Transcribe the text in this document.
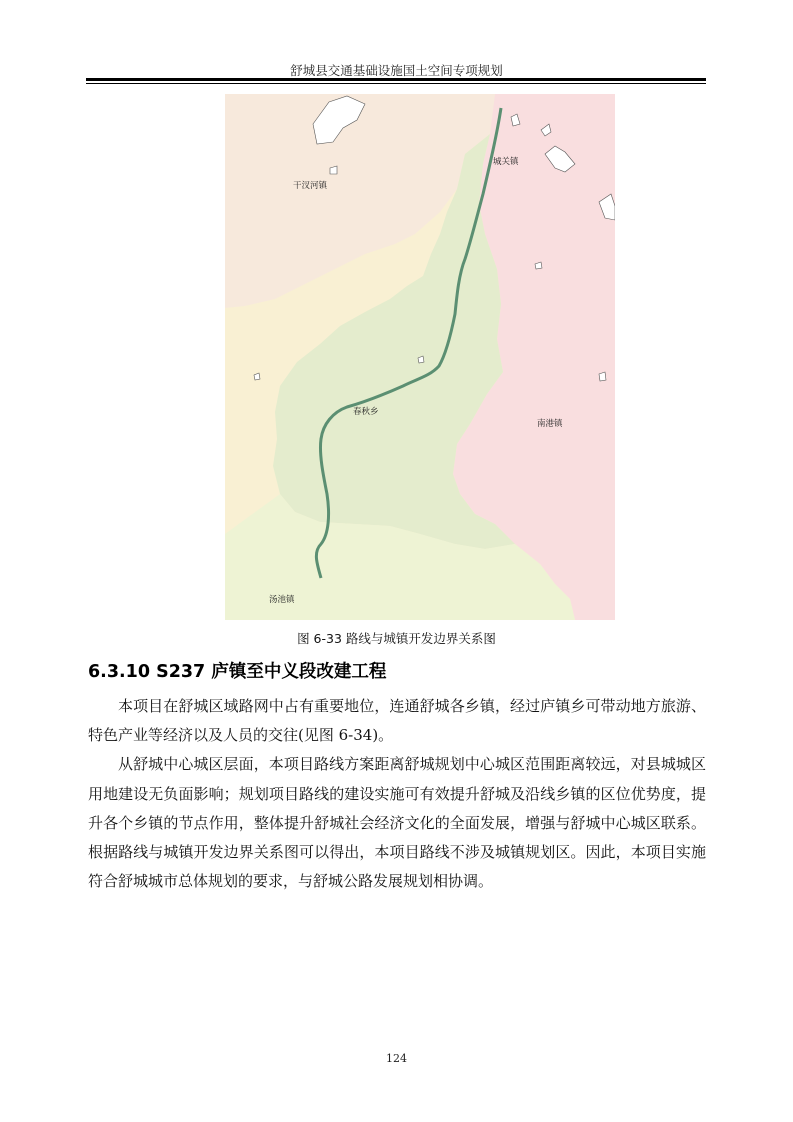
舒城县交通基础设施国土空间专项规划
干汊河镇
城关镇
春秋乡
南港镇
汤池镇
图 6-33 路线与城镇开发边界关系图
6.3.10 S237 庐镇至中义段改建工程

本项目在舒城区域路网中占有重要地位，连通舒城各乡镇，经过庐镇乡可带动地方旅游、特色产业等经济以及人员的交往(见图 6-34)。

从舒城中心城区层面，本项目路线方案距离舒城规划中心城区范围距离较远，对县城城区用地建设无负面影响；规划项目路线的建设实施可有效提升舒城及沿线乡镇的区位优势度，提升各个乡镇的节点作用，整体提升舒城社会经济文化的全面发展，增强与舒城中心城区联系。根据路线与城镇开发边界关系图可以得出，本项目路线不涉及城镇规划区。因此，本项目实施符合舒城城市总体规划的要求，与舒城公路发展规划相协调。

124
